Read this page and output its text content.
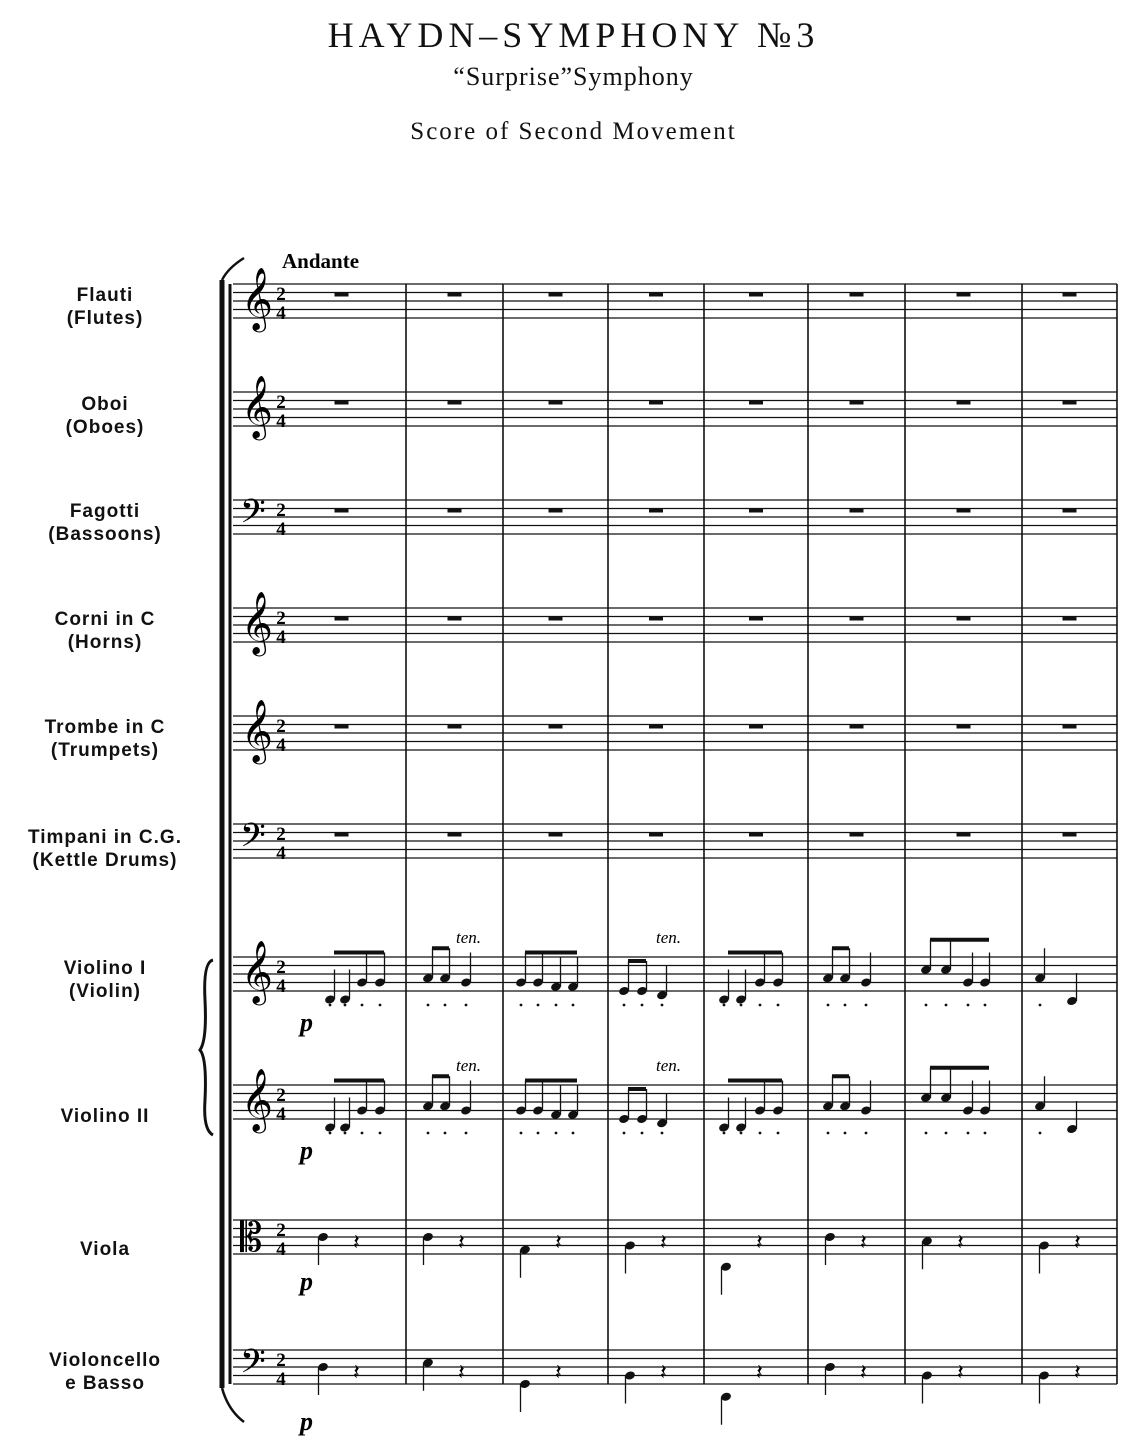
HAYDN–SYMPHONY №3
“Surprise”Symphony
Score of Second Movement
Flauti
(Flutes)
Oboi
(Oboes)
Fagotti
(Bassoons)
Corni in C
(Horns)
Trombe in C
(Trumpets)
Timpani in C.G.
(Kettle Drums)
Violino I
(Violin)
Violino II
Viola
Violoncello
e Basso
𝄞 2
4
𝄞 2
4
𝄢 2
4
𝄞 2
4
𝄞 2
4
𝄢 2
4
𝄞 2
4
𝄞 2
4
𝄡 2
4
𝄢 2
4
p
ten.	ten.
p
ten.	ten.
𝄽	𝄽	𝄽	𝄽	𝄽	𝄽	𝄽	𝄽
p
𝄽	𝄽	𝄽	𝄽	𝄽	𝄽	𝄽	𝄽
p
Andante
